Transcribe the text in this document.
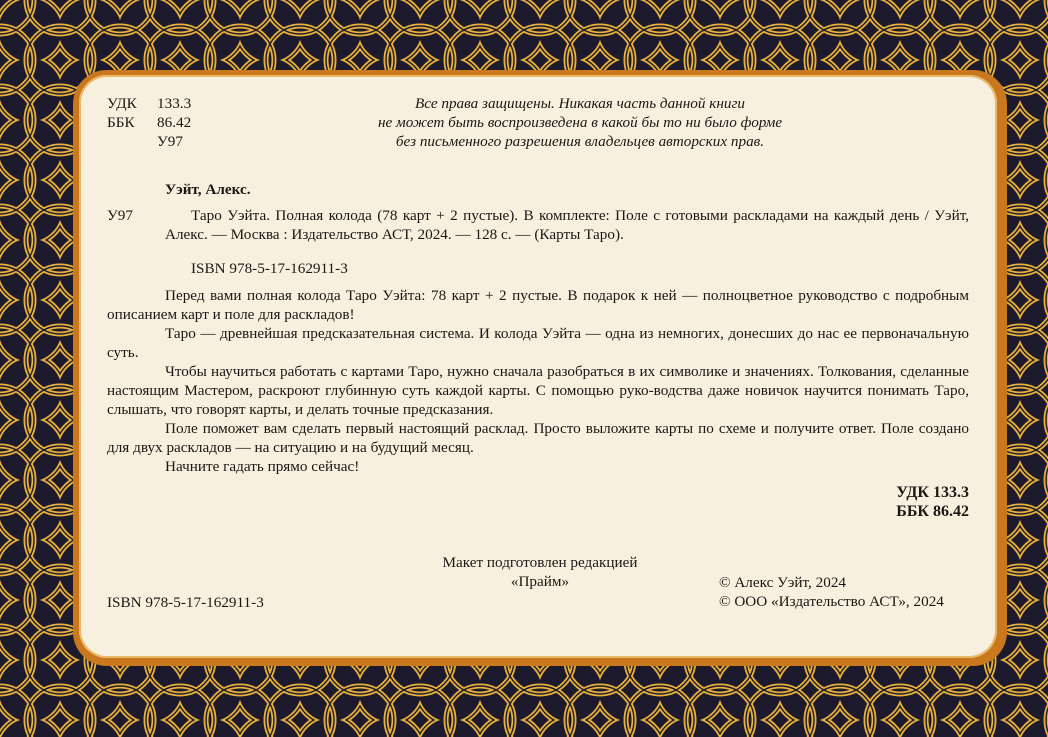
УДК	133.3
ББК	86.42
У97
Все права защищены. Никакая часть данной книги
не может быть воспроизведена в какой бы то ни было форме
без письменного разрешения владельцев авторских прав.
Уэйт, Алекс.
У97	Таро Уэйта. Полная колода (78 карт + 2 пустые). В комплекте: Поле с готовыми раскладами на каждый день / Уэйт, Алекс. — Москва : Издательство АСТ, 2024. — 128 с. — (Карты Таро).
ISBN 978-5-17-162911-3

Перед вами полная колода Таро Уэйта: 78 карт + 2 пустые. В подарок к ней — полноцветное руководство с подробным описанием карт и поле для раскладов!

Таро — древнейшая предсказательная система. И колода Уэйта — одна из немногих, донесших до нас ее первоначальную суть.

Чтобы научиться работать с картами Таро, нужно сначала разобраться в их символике и значениях. Толкования, сделанные настоящим Мастером, раскроют глубинную суть каждой карты. С помощью руко-водства даже новичок научится понимать Таро, слышать, что говорят карты, и делать точные предсказания.

Поле поможет вам сделать первый настоящий расклад. Просто выложите карты по схеме и получите ответ. Поле создано для двух раскладов — на ситуацию и на будущий месяц.

Начните гадать прямо сейчас!

УДК 133.3
ББК 86.42
Макет подготовлен редакцией
«Прайм»	© Алекс Уэйт, 2024
© ООО «Издательство АСТ», 2024
ISBN 978-5-17-162911-3
